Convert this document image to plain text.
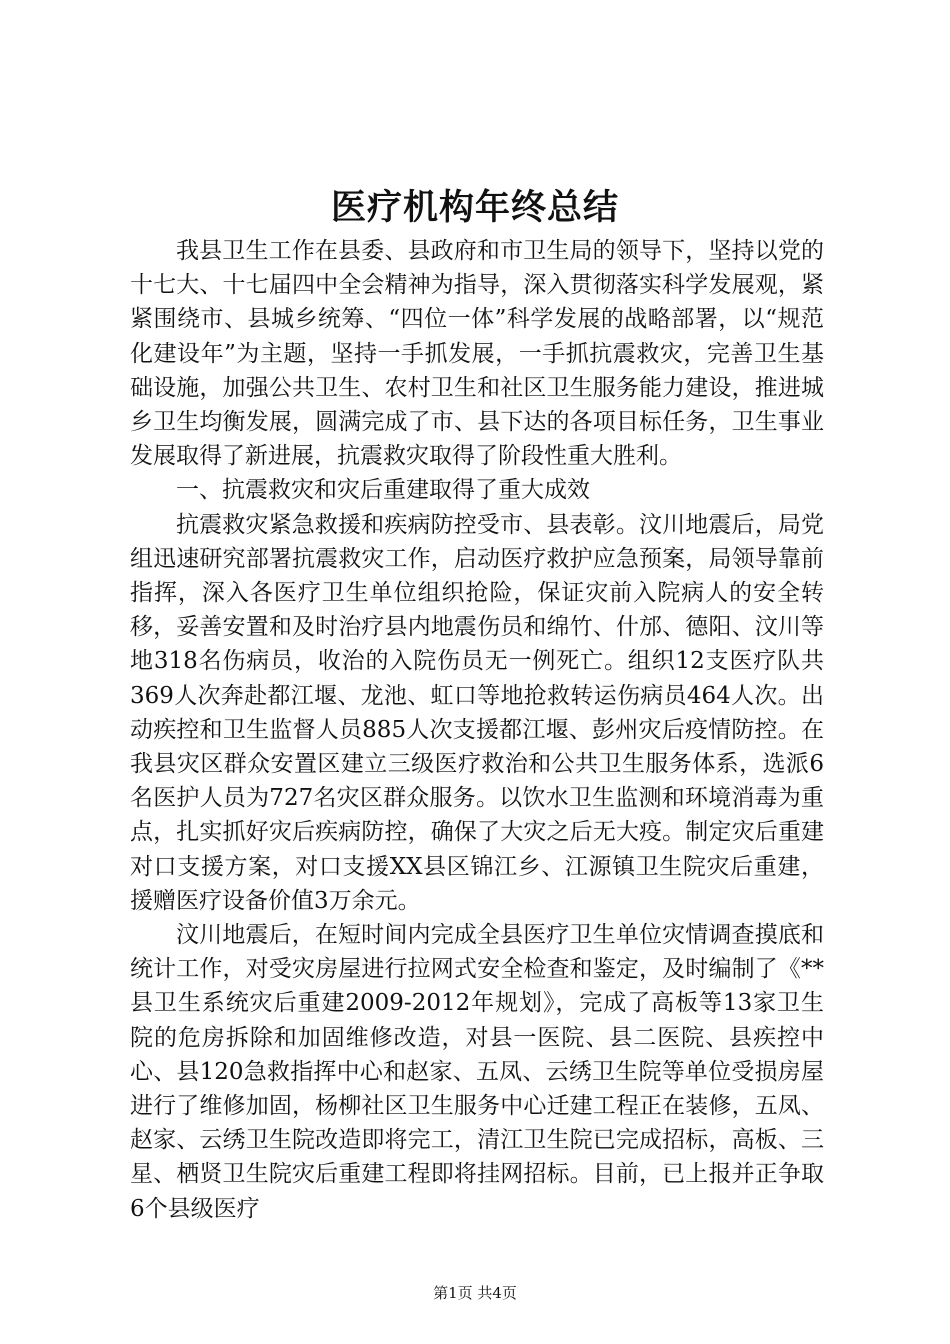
医疗机构年终总结

我县卫生工作在县委、县政府和市卫生局的领导下，坚持以党的十七大、十七届四中全会精神为指导，深入贯彻落实科学发展观，紧紧围绕市、县城乡统筹、“四位一体”科学发展的战略部署，以“规范化建设年”为主题，坚持一手抓发展，一手抓抗震救灾，完善卫生基础设施，加强公共卫生、农村卫生和社区卫生服务能力建设，推进城乡卫生均衡发展，圆满完成了市、县下达的各项目标任务，卫生事业发展取得了新进展，抗震救灾取得了阶段性重大胜利。

一、抗震救灾和灾后重建取得了重大成效

抗震救灾紧急救援和疾病防控受市、县表彰。汶川地震后，局党组迅速研究部署抗震救灾工作，启动医疗救护应急预案，局领导靠前指挥，深入各医疗卫生单位组织抢险，保证灾前入院病人的安全转移，妥善安置和及时治疗县内地震伤员和绵竹、什邡、德阳、汶川等地318名伤病员，收治的入院伤员无一例死亡。组织12支医疗队共369人次奔赴都江堰、龙池、虹口等地抢救转运伤病员464人次。出动疾控和卫生监督人员885人次支援都江堰、彭州灾后疫情防控。在我县灾区群众安置区建立三级医疗救治和公共卫生服务体系，选派6名医护人员为727名灾区群众服务。以饮水卫生监测和环境消毒为重点，扎实抓好灾后疾病防控，确保了大灾之后无大疫。制定灾后重建对口支援方案，对口支援XX县区锦江乡、江源镇卫生院灾后重建，援赠医疗设备价值3万余元。

汶川地震后，在短时间内完成全县医疗卫生单位灾情调查摸底和统计工作，对受灾房屋进行拉网式安全检查和鉴定，及时编制了《**县卫生系统灾后重建2009-2012年规划》，完成了高板等13家卫生院的危房拆除和加固维修改造，对县一医院、县二医院、县疾控中心、县120急救指挥中心和赵家、五凤、云绣卫生院等单位受损房屋进行了维修加固，杨柳社区卫生服务中心迁建工程正在装修，五凤、赵家、云绣卫生院改造即将完工，清江卫生院已完成招标，高板、三星、栖贤卫生院灾后重建工程即将挂网招标。目前，已上报并正争取6个县级医疗

第1页 共4页
